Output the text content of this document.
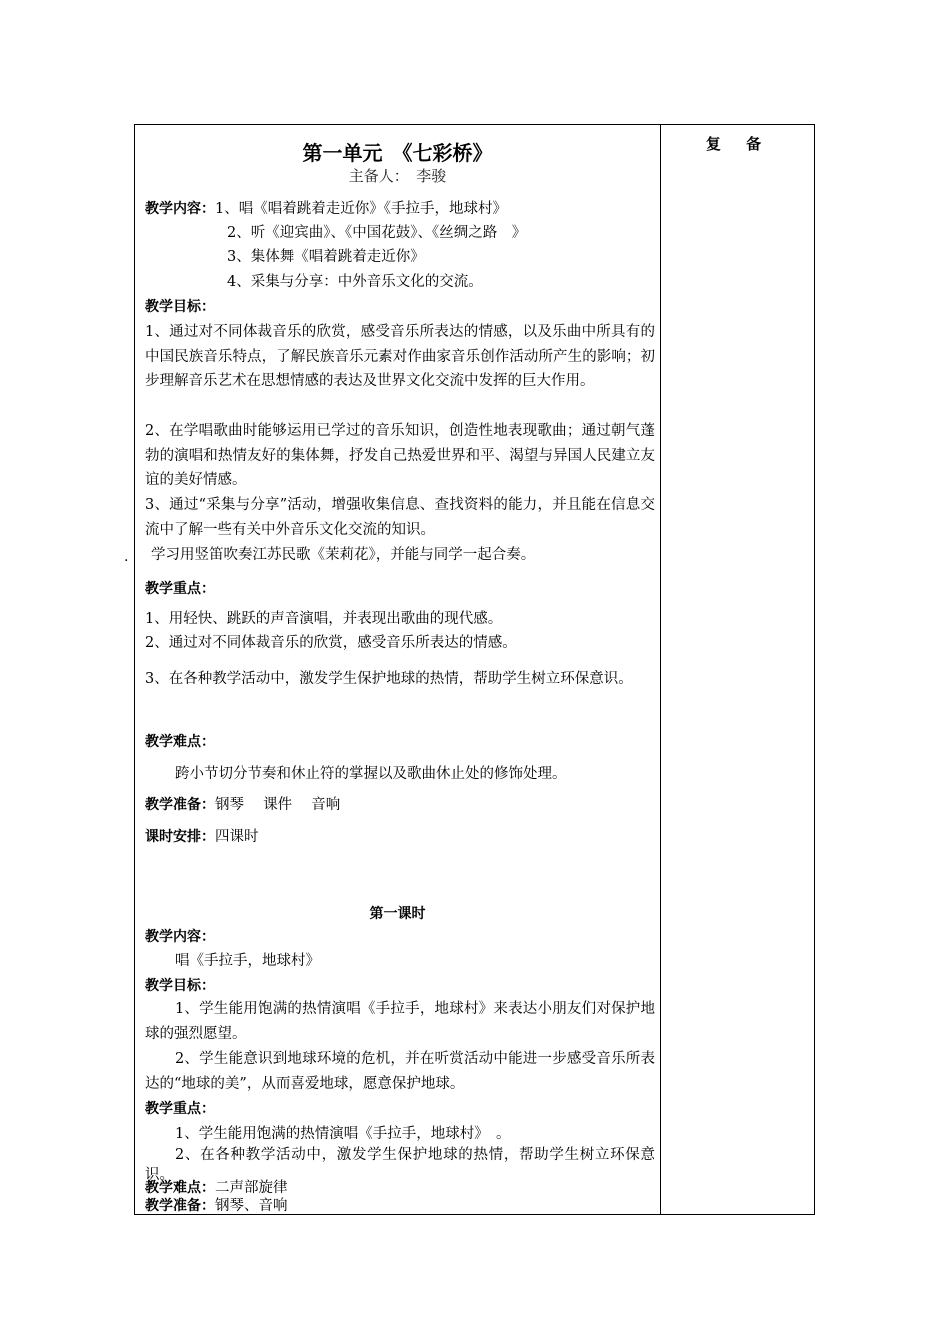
.
复 备
第一单元　《七彩桥》
主备人：　李骏
教学内容：1、唱《唱着跳着走近你》《手拉手，地球村》
2、听《迎宾曲》、《中国花鼓》、《丝绸之路　》
3、集体舞《唱着跳着走近你》
4、采集与分享：中外音乐文化的交流。
教学目标：
1、通过对不同体裁音乐的欣赏，感受音乐所表达的情感，以及乐曲中所具有的中国民族音乐特点，了解民族音乐元素对作曲家音乐创作活动所产生的影响；初步理解音乐艺术在思想情感的表达及世界文化交流中发挥的巨大作用。
2、在学唱歌曲时能够运用已学过的音乐知识，创造性地表现歌曲；通过朝气蓬勃的演唱和热情友好的集体舞，抒发自己热爱世界和平、渴望与异国人民建立友谊的美好情感。
3、通过“采集与分享”活动，增强收集信息、查找资料的能力，并且能在信息交流中了解一些有关中外音乐文化交流的知识。
学习用竖笛吹奏江苏民歌《茉莉花》，并能与同学一起合奏。
教学重点：
1、用轻快、跳跃的声音演唱，并表现出歌曲的现代感。
2、通过对不同体裁音乐的欣赏，感受音乐所表达的情感。
3、在各种教学活动中，激发学生保护地球的热情，帮助学生树立环保意识。
教学难点：
跨小节切分节奏和休止符的掌握以及歌曲休止处的修饰处理。
教学准备：钢琴　 课件　 音响
课时安排：四课时
第一课时
教学内容：
唱《手拉手，地球村》
教学目标：
1、学生能用饱满的热情演唱《手拉手，地球村》来表达小朋友们对保护地球的强烈愿望。
2、学生能意识到地球环境的危机，并在听赏活动中能进一步感受音乐所表达的“地球的美”，从而喜爱地球，愿意保护地球。
教学重点：
1、学生能用饱满的热情演唱《手拉手，地球村》　。
2、在各种教学活动中，激发学生保护地球的热情，帮助学生树立环保意识。
教学难点：二声部旋律
教学准备：钢琴、音响
